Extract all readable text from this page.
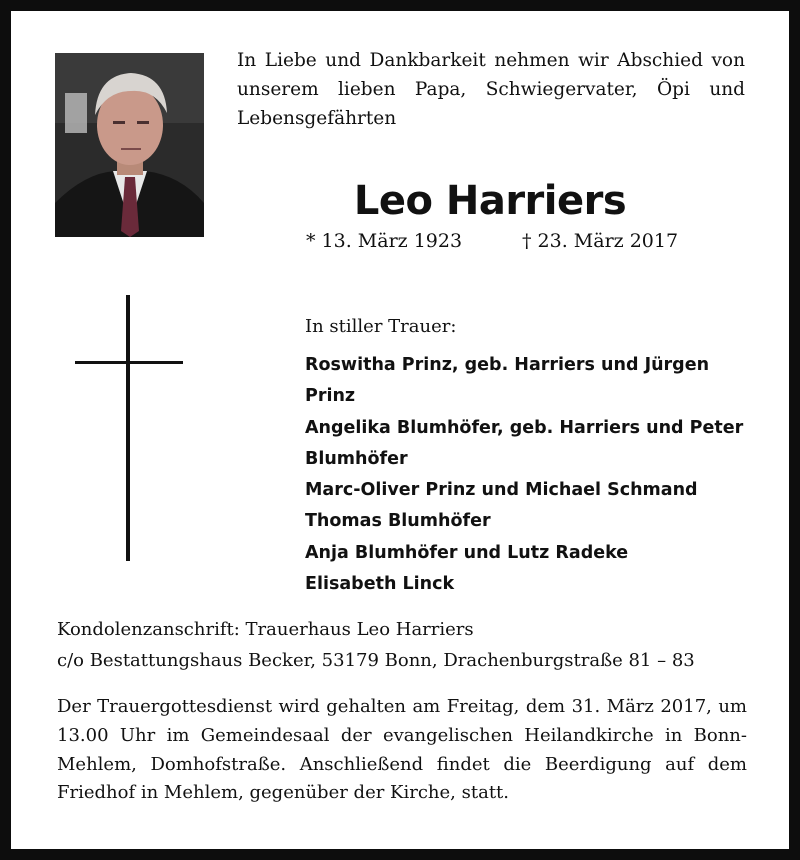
In Liebe und Dankbarkeit nehmen wir Abschied von unserem lieben Papa, Schwiegervater, Öpi und Lebensgefährten
Leo Harriers
* 13. März 1923	† 23. März 2017
In stiller Trauer:
Roswitha Prinz, geb. Harriers und Jürgen Prinz
Angelika Blumhöfer, geb. Harriers und Peter Blumhöfer
Marc-Oliver Prinz und Michael Schmand
Thomas Blumhöfer
Anja Blumhöfer und Lutz Radeke
Elisabeth Linck
Kondolenzanschrift: Trauerhaus Leo Harriers
c/o Bestattungshaus Becker, 53179 Bonn, Drachenburgstraße 81 – 83
Der Trauergottesdienst wird gehalten am Freitag, dem 31. März 2017, um 13.00 Uhr im Gemeindesaal der evangelischen Heilandkirche in Bonn-Mehlem, Domhofstraße. Anschließend findet die Beerdigung auf dem Friedhof in Mehlem, gegenüber der Kirche, statt.
